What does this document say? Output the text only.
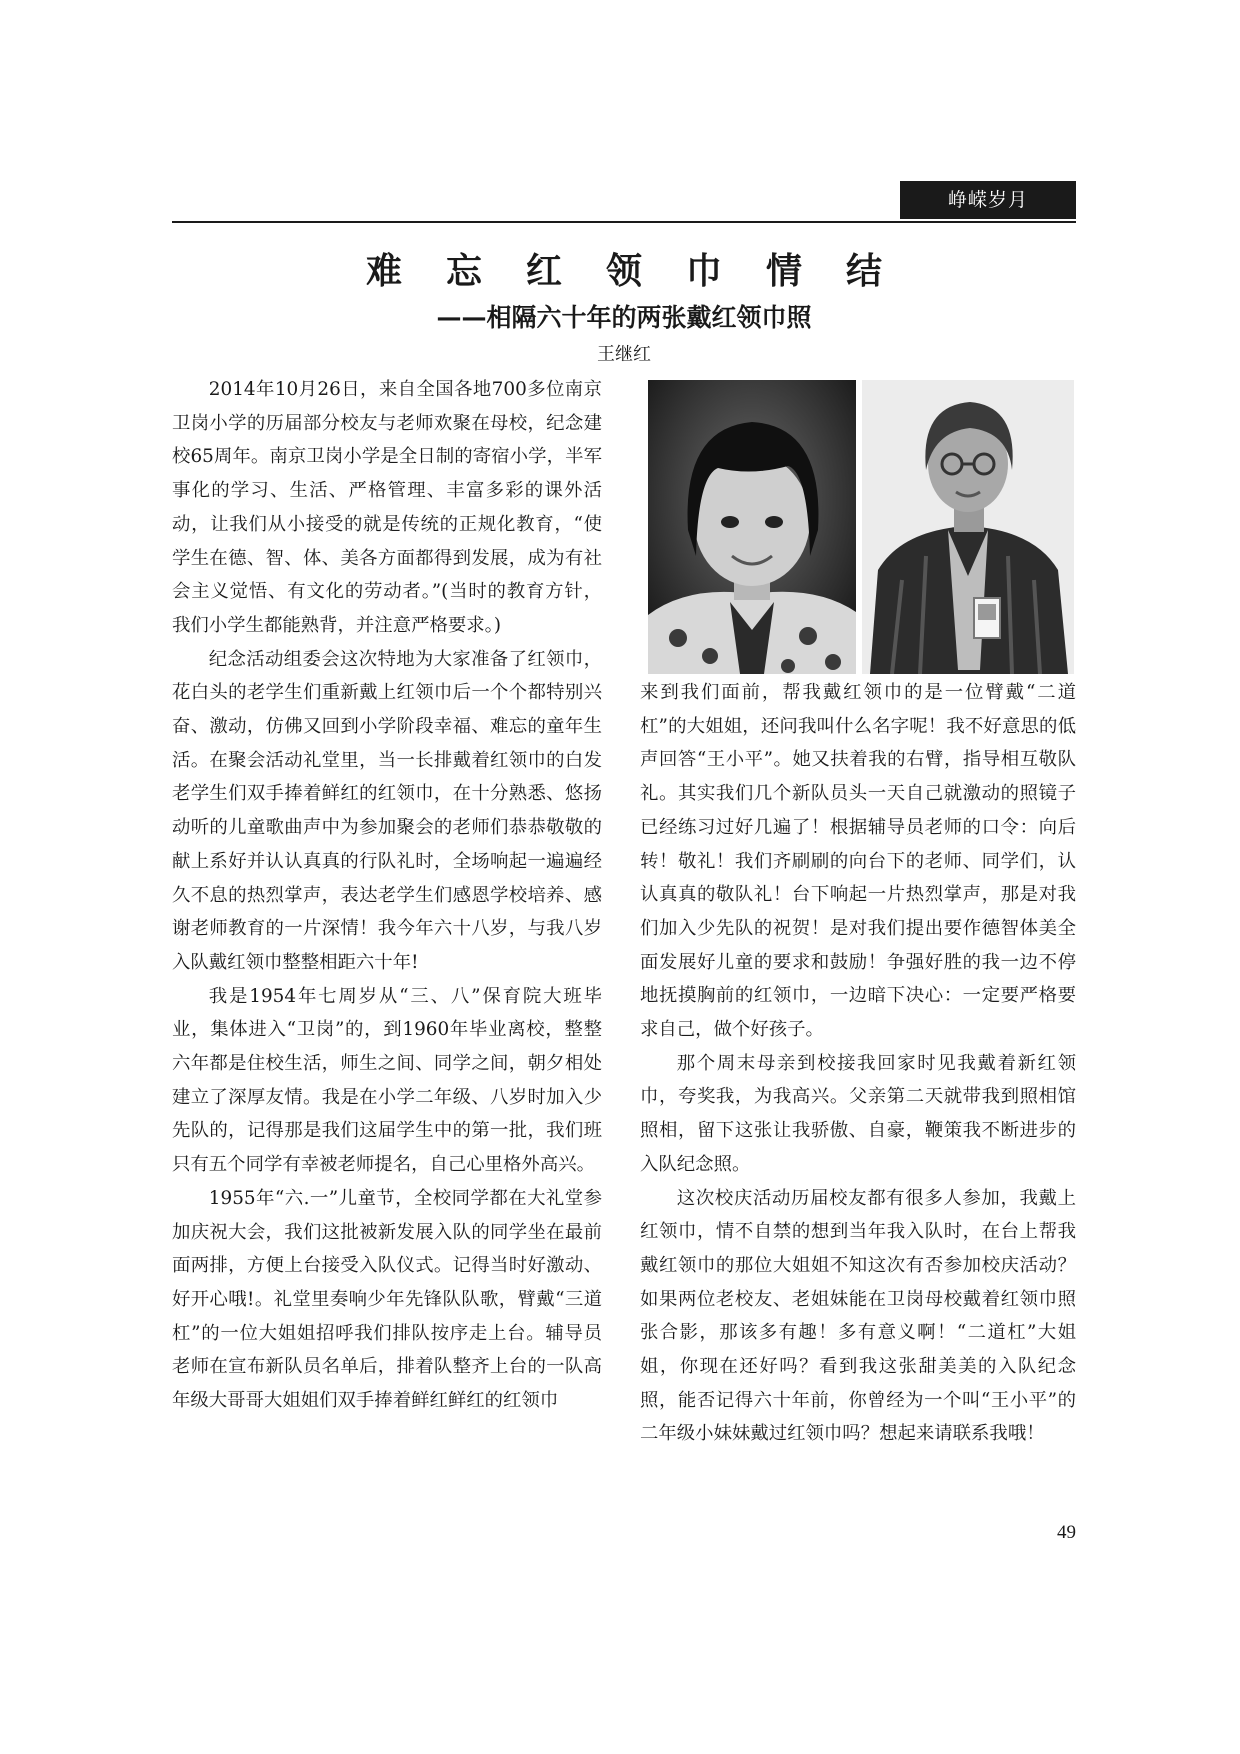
峥嵘岁月
难忘红领巾情结
——相隔六十年的两张戴红领巾照
王继红

2014年10月26日，来自全国各地700多位南京卫岗小学的历届部分校友与老师欢聚在母校，纪念建校65周年。南京卫岗小学是全日制的寄宿小学，半军事化的学习、生活、严格管理、丰富多彩的课外活动，让我们从小接受的就是传统的正规化教育，“使学生在德、智、体、美各方面都得到发展，成为有社会主义觉悟、有文化的劳动者。”(当时的教育方针，我们小学生都能熟背，并注意严格要求。)

纪念活动组委会这次特地为大家准备了红领巾，花白头的老学生们重新戴上红领巾后一个个都特别兴奋、激动，仿佛又回到小学阶段幸福、难忘的童年生活。在聚会活动礼堂里，当一长排戴着红领巾的白发老学生们双手捧着鲜红的红领巾，在十分熟悉、悠扬动听的儿童歌曲声中为参加聚会的老师们恭恭敬敬的献上系好并认认真真的行队礼时，全场响起一遍遍经久不息的热烈掌声，表达老学生们感恩学校培养、感谢老师教育的一片深情！我今年六十八岁，与我八岁入队戴红领巾整整相距六十年!

我是1954年七周岁从“三、八”保育院大班毕业，集体进入“卫岗”的，到1960年毕业离校，整整六年都是住校生活，师生之间、同学之间，朝夕相处建立了深厚友情。我是在小学二年级、八岁时加入少先队的，记得那是我们这届学生中的第一批，我们班只有五个同学有幸被老师提名，自己心里格外高兴。

1955年“六.一”儿童节，全校同学都在大礼堂参加庆祝大会，我们这批被新发展入队的同学坐在最前面两排，方便上台接受入队仪式。记得当时好激动、好开心哦!。礼堂里奏响少年先锋队队歌，臂戴“三道杠”的一位大姐姐招呼我们排队按序走上台。辅导员老师在宣布新队员名单后，排着队整齐上台的一队高年级大哥哥大姐姐们双手捧着鲜红鲜红的红领巾

来到我们面前，帮我戴红领巾的是一位臂戴“二道杠”的大姐姐，还问我叫什么名字呢！我不好意思的低声回答“王小平”。她又扶着我的右臂，指导相互敬队礼。其实我们几个新队员头一天自己就激动的照镜子已经练习过好几遍了！根据辅导员老师的口令：向后转！敬礼！我们齐刷刷的向台下的老师、同学们，认认真真的敬队礼！台下响起一片热烈掌声，那是对我们加入少先队的祝贺！是对我们提出要作德智体美全面发展好儿童的要求和鼓励！争强好胜的我一边不停地抚摸胸前的红领巾，一边暗下决心：一定要严格要求自己，做个好孩子。

那个周末母亲到校接我回家时见我戴着新红领巾，夸奖我，为我高兴。父亲第二天就带我到照相馆照相，留下这张让我骄傲、自豪，鞭策我不断进步的入队纪念照。

这次校庆活动历届校友都有很多人参加，我戴上红领巾，情不自禁的想到当年我入队时，在台上帮我戴红领巾的那位大姐姐不知这次有否参加校庆活动？如果两位老校友、老姐妹能在卫岗母校戴着红领巾照张合影，那该多有趣！多有意义啊！“二道杠”大姐姐，你现在还好吗？看到我这张甜美美的入队纪念照，能否记得六十年前，你曾经为一个叫“王小平”的二年级小妹妹戴过红领巾吗？想起来请联系我哦！

49
